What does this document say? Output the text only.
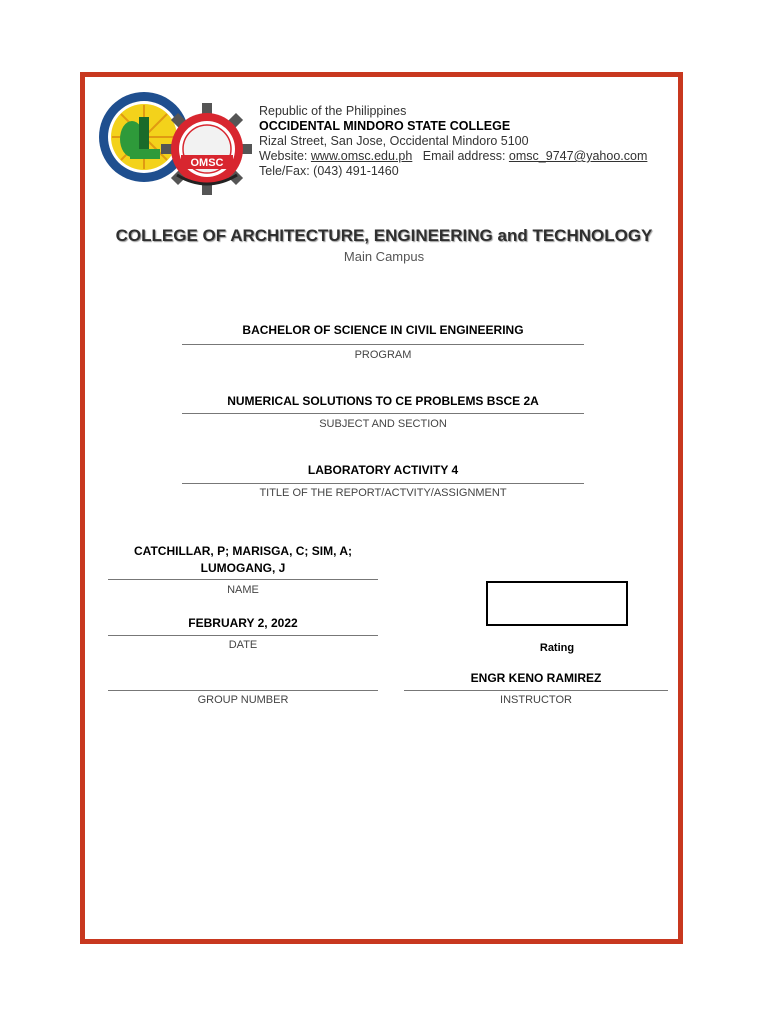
OMSC
Republic of the Philippines
OCCIDENTAL MINDORO STATE COLLEGE
Rizal Street, San Jose, Occidental Mindoro 5100
Website: www.omsc.edu.ph Email address: omsc_9747@yahoo.com
Tele/Fax: (043) 491-1460
COLLEGE OF ARCHITECTURE, ENGINEERING and TECHNOLOGY
Main Campus
BACHELOR OF SCIENCE IN CIVIL ENGINEERING
PROGRAM
NUMERICAL SOLUTIONS TO CE PROBLEMS BSCE 2A
SUBJECT AND SECTION
LABORATORY ACTIVITY 4
TITLE OF THE REPORT/ACTVITY/ASSIGNMENT
CATCHILLAR, P; MARISGA, C; SIM, A;
LUMOGANG, J
NAME
FEBRUARY 2, 2022
DATE
GROUP NUMBER
Rating
ENGR KENO RAMIREZ
INSTRUCTOR
